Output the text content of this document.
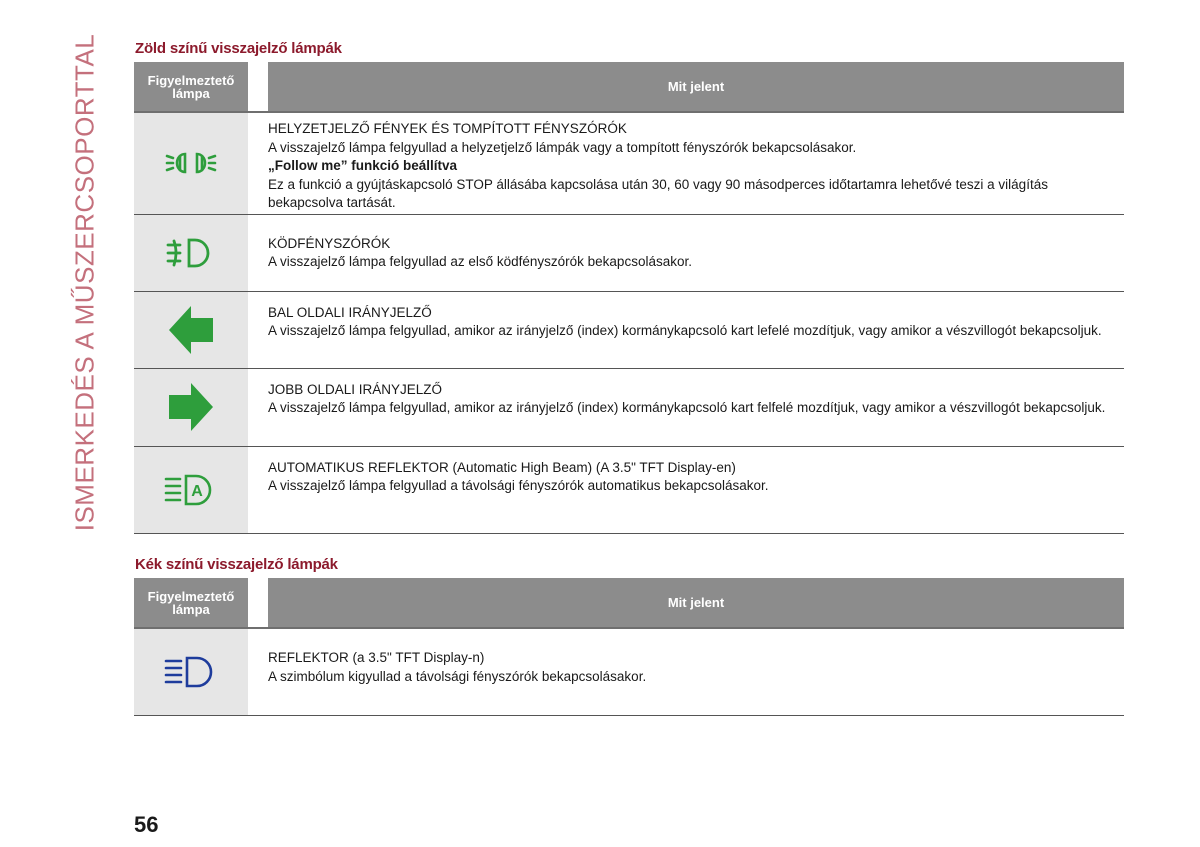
ISMERKEDÉS A MŰSZERCSOPORTTAL Zöld színű visszajelző lámpák
Figyelmeztető lámpa		Mit jelent

HELYZETJELZŐ FÉNYEK ÉS TOMPÍTOTT FÉNYSZÓRÓK
A visszajelző lámpa felgyullad a helyzetjelző lámpák vagy a tompított fényszórók bekapcsolásakor.
„Follow me” funkció beállítva
Ez a funkció a gyújtáskapcsoló STOP állásába kapcsolása után 30, 60 vagy 90 másodperces időtartamra lehetővé teszi a világítás bekapcsolva tartását.

KÖDFÉNYSZÓRÓK
A visszajelző lámpa felgyullad az első ködfényszórók bekapcsolásakor.

BAL OLDALI IRÁNYJELZŐ
A visszajelző lámpa felgyullad, amikor az irányjelző (index) kormánykapcsoló kart lefelé mozdítjuk, vagy amikor a vészvillogót bekapcsoljuk.

JOBB OLDALI IRÁNYJELZŐ
A visszajelző lámpa felgyullad, amikor az irányjelző (index) kormánykapcsoló kart felfelé mozdítjuk, vagy amikor a vészvillogót bekapcsoljuk.

A		AUTOMATIKUS REFLEKTOR (Automatic High Beam) (A 3.5" TFT Display-en)
A visszajelző lámpa felgyullad a távolsági fényszórók automatikus bekapcsolásakor.
Kék színű visszajelző lámpák
Figyelmeztető lámpa		Mit jelent

REFLEKTOR (a 3.5" TFT Display-n)
A szimbólum kigyullad a távolsági fényszórók bekapcsolásakor.
56
